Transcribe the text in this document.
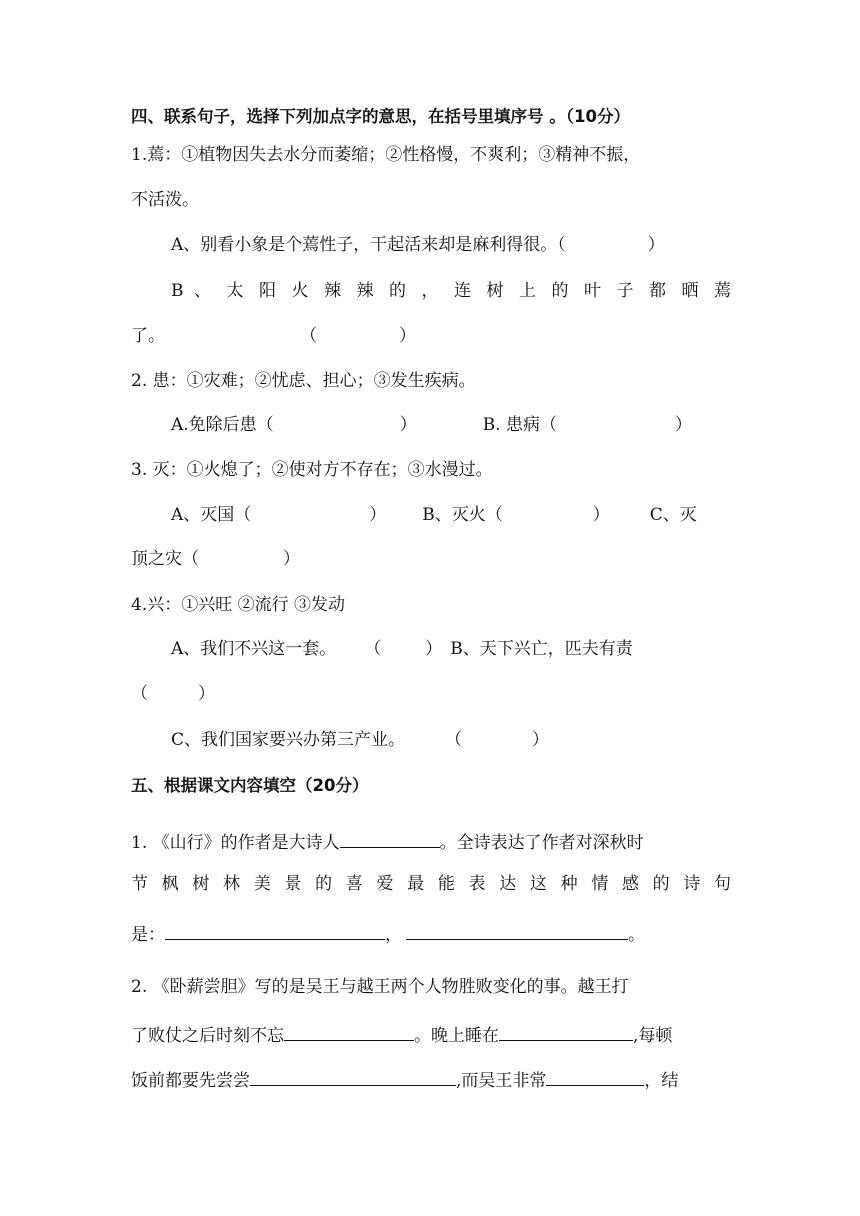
四、联系句子，选择下列加点字的意思，在括号里填序号 。（10分）
1.蔫：①植物因失去水分而萎缩；②性格慢，不爽利；③精神不振，
不活泼。
A、别看小象是个蔫性子，干起活来却是麻利得很。（	）
B 、 太 阳 火 辣 辣 的 ， 连 树 上 的 叶 子 都 晒 蔫
了。	（	）
2. 患：①灾难；②忧虑、担心；③发生疾病。
A.免除后患（	）	B. 患病（	）
3. 灭：①火熄了；②使对方不存在；③水漫过。
A、灭国（	） B、灭火（	） C、灭
顶之灾（	）
4.兴：①兴旺 ②流行 ③发动
A、我们不兴这一套。 （	） B、天下兴亡，匹夫有责
（	）
C、我们国家要兴办第三产业。 （	）
五、根据课文内容填空（20分）
1. 《山行》的作者是大诗人	。全诗表达了作者对深秋时
节 枫 树 林 美 景 的 喜 爱 最 能 表 达 这 种 情 感 的 诗 句
是：	，	。
2. 《卧薪尝胆》写的是吴王与越王两个人物胜败变化的事。越王打
了败仗之后时刻不忘	。晚上睡在	,每顿
饭前都要先尝尝	,而吴王非常	，结
